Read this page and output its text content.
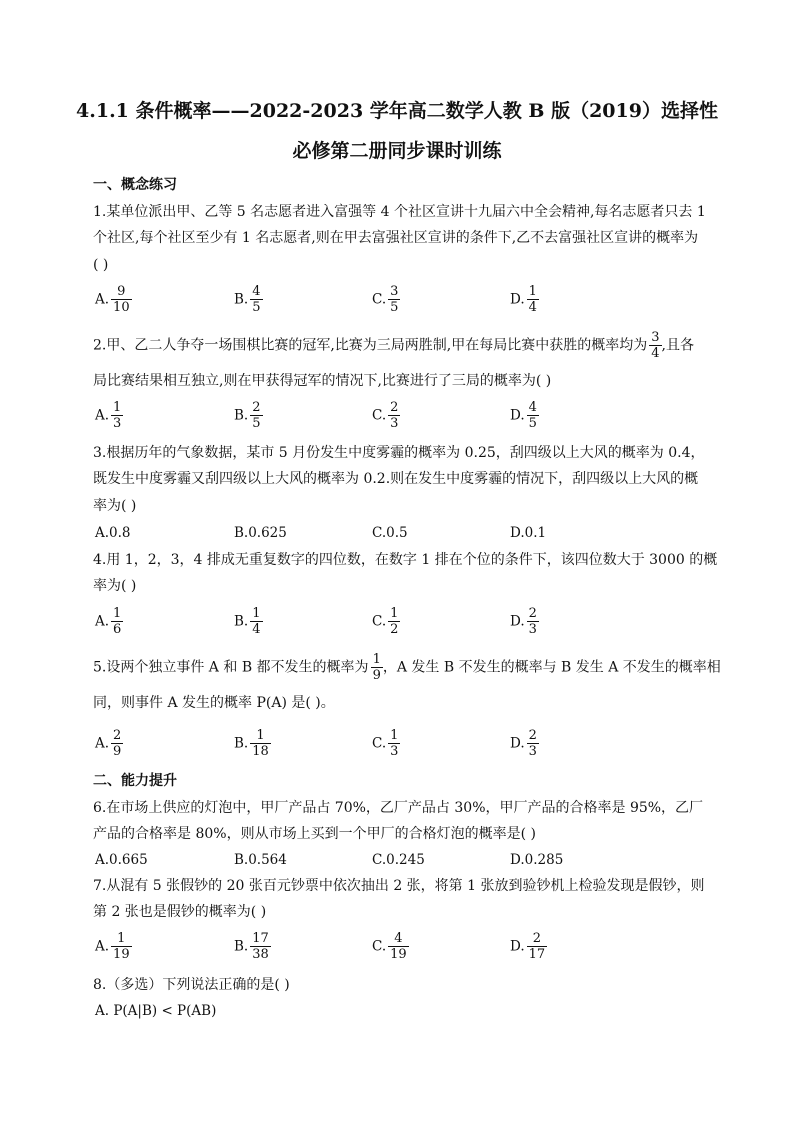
4.1.1 条件概率——2022-2023 学年高二数学人教 B 版（2019）选择性
必修第二册同步课时训练
一、概念练习
1.某单位派出甲、乙等 5 名志愿者进入富强等 4 个社区宣讲十九届六中全会精神,每名志愿者只去 1
个社区,每个社区至少有 1 名志愿者,则在甲去富强社区宣讲的条件下,乙不去富强社区宣讲的概率为
( )
A. $\frac{9}{10}$	B. $\frac{4}{5}$	C. $\frac{3}{5}$	D. $\frac{1}{4}$
2.甲、乙二人争夺一场围棋比赛的冠军,比赛为三局两胜制,甲在每局比赛中获胜的概率均为 $\frac{3}{4}$ ,且各
局比赛结果相互独立,则在甲获得冠军的情况下,比赛进行了三局的概率为( )
A. $\frac{1}{3}$	B. $\frac{2}{5}$	C. $\frac{2}{3}$	D. $\frac{4}{5}$
3.根据历年的气象数据，某市 5 月份发生中度雾霾的概率为 0.25，刮四级以上大风的概率为 0.4，
既发生中度雾霾又刮四级以上大风的概率为 0.2.则在发生中度雾霾的情况下，刮四级以上大风的概
率为( )
A.0.8	B.0.625	C.0.5	D.0.1
4.用 1，2，3，4 排成无重复数字的四位数，在数字 1 排在个位的条件下，该四位数大于 3000 的概
率为( )
A. $\frac{1}{6}$	B. $\frac{1}{4}$	C. $\frac{1}{2}$	D. $\frac{2}{3}$
5.设两个独立事件 A 和 B 都不发生的概率为 $\frac{1}{9}$ ，A 发生 B 不发生的概率与 B 发生 A 不发生的概率相
同，则事件 A 发生的概率 P(A) 是( )。
A. $\frac{2}{9}$	B. $\frac{1}{18}$	C. $\frac{1}{3}$	D. $\frac{2}{3}$
二、能力提升
6.在市场上供应的灯泡中，甲厂产品占 70%，乙厂产品占 30%，甲厂产品的合格率是 95%，乙厂
产品的合格率是 80%，则从市场上买到一个甲厂的合格灯泡的概率是( )
A.0.665	B.0.564	C.0.245	D.0.285
7.从混有 5 张假钞的 20 张百元钞票中依次抽出 2 张，将第 1 张放到验钞机上检验发现是假钞，则
第 2 张也是假钞的概率为( )
A. $\frac{1}{19}$	B. $\frac{17}{38}$	C. $\frac{4}{19}$	D. $\frac{2}{17}$
8.（多选）下列说法正确的是( )
A. P(A|B) < P(AB)
